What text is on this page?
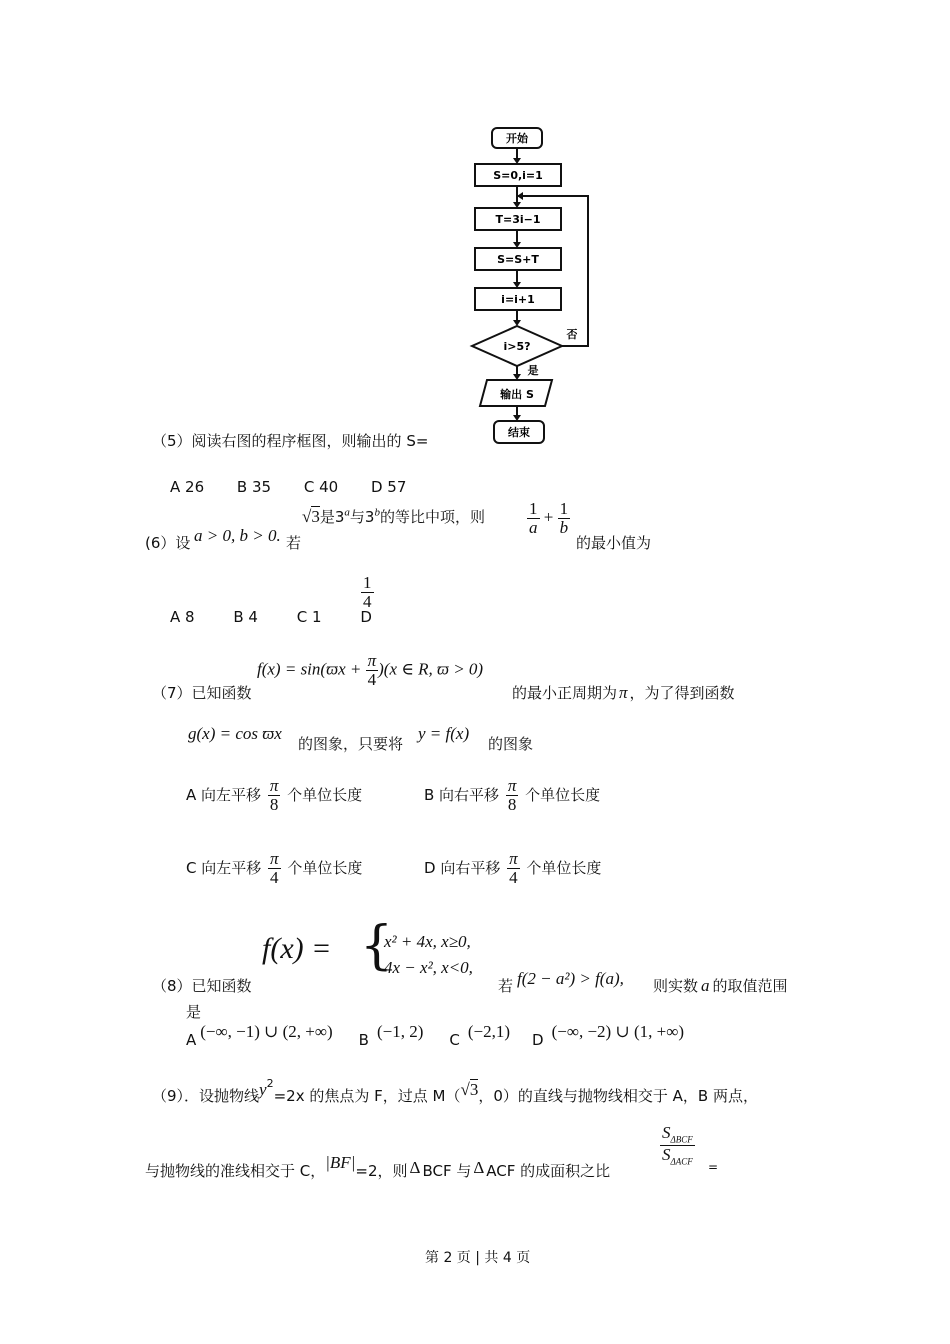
开始
S=0,i=1
T=3i−1
S=S+T
i=i+1
i>5?
否
是
输出 S
结束
（5）阅读右图的程序框图，则输出的 S=
A 26 B 35 C 40 D 57
(6）设 a > 0, b > 0. 若
√3是3$^a$与3$^b$的等比中项，则 $\frac{1}{a} + \frac{1}{b}$
的最小值为
A 8	B 4	C 1	D
$\frac{1}{4}$
（7）已知函数
$f(x) = \sin(ϖx + \frac{\pi}{4} )(x$ ∈ R, ϖ > 0)
的最小正周期为 π ，为了得到函数
g(x) = cos ϖx
的图象，只要将
y = f(x)
的图象
A 向左平移 $\frac{\pi}{8}$ 个单位长度	B 向右平移 $\frac{\pi}{8}$ 个单位长度
C 向左平移 $\frac{\pi}{4}$ 个单位长度	D 向右平移 $\frac{\pi}{4}$ 个单位长度
（8）已知函数
f(x) = {
x² + 4x, x≥0,
4x − x², x<0,
若 f(2 − a²) > f(a), 则实数 a 的取值范围
是
A (−∞, −1) ∪ (2, +∞) B (−1, 2) C (−2,1) D (−∞, −2) ∪ (1, +∞)
（9）．设抛物线$y^2=2x$ 的焦点为 F，过点 M（√3，0）的直线与抛物线相交于 A，B 两点，
与抛物线的准线相交于 C，|BF|=2，则 Δ BCF 与 Δ ACF 的成面积之比
$S_{\Delta BCF}$
$S_{\Delta ACF}$ =
第 2 页 | 共 4 页
